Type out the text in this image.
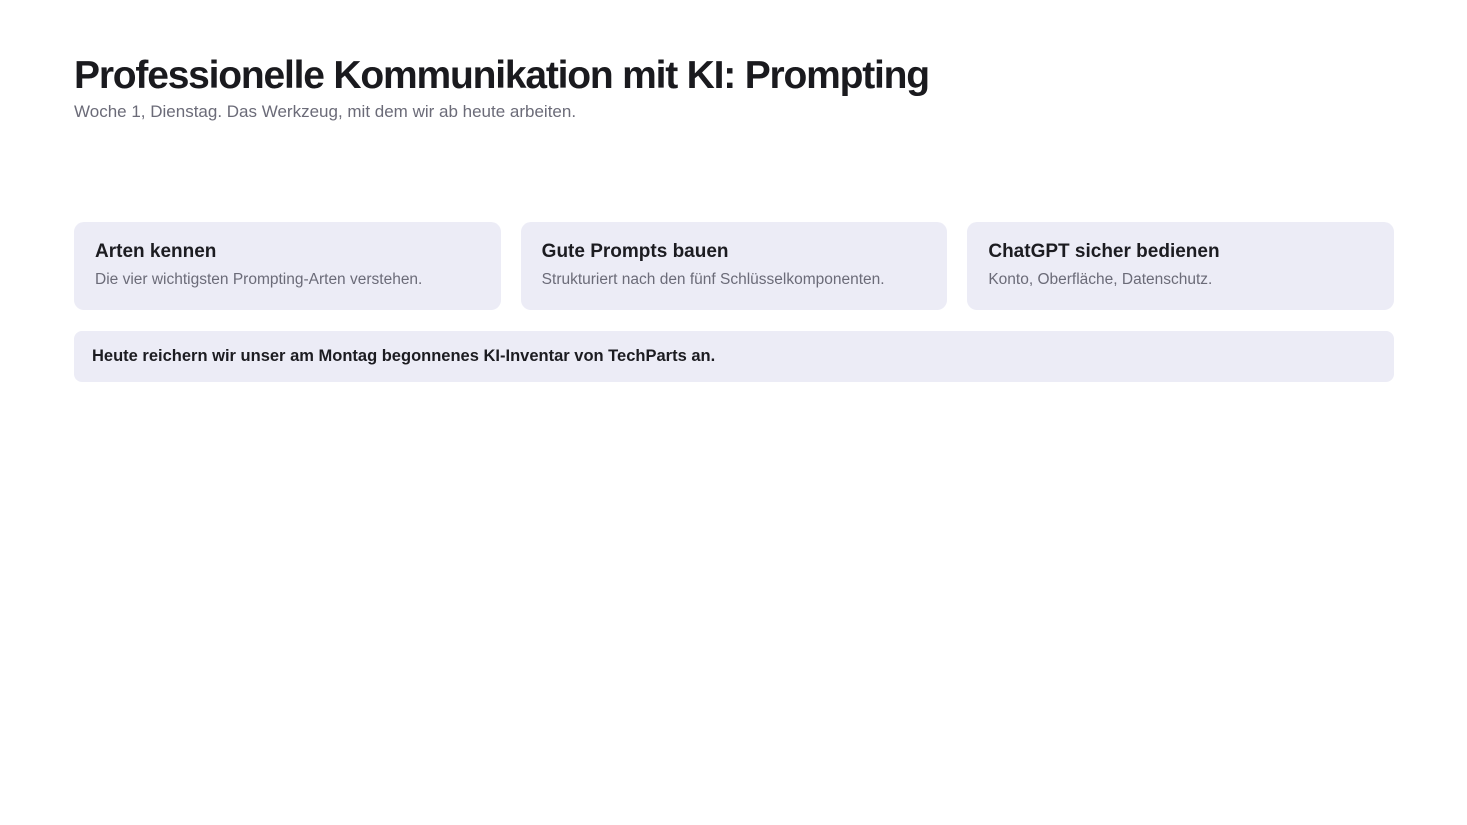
Professionelle Kommunikation mit KI: Prompting

Woche 1, Dienstag. Das Werkzeug, mit dem wir ab heute arbeiten.

Arten kennen

Die vier wichtigsten Prompting-Arten verstehen.

Gute Prompts bauen

Strukturiert nach den fünf Schlüsselkomponenten.

ChatGPT sicher bedienen

Konto, Oberfläche, Datenschutz.

Heute reichern wir unser am Montag begonnenes KI-Inventar von TechParts an.
